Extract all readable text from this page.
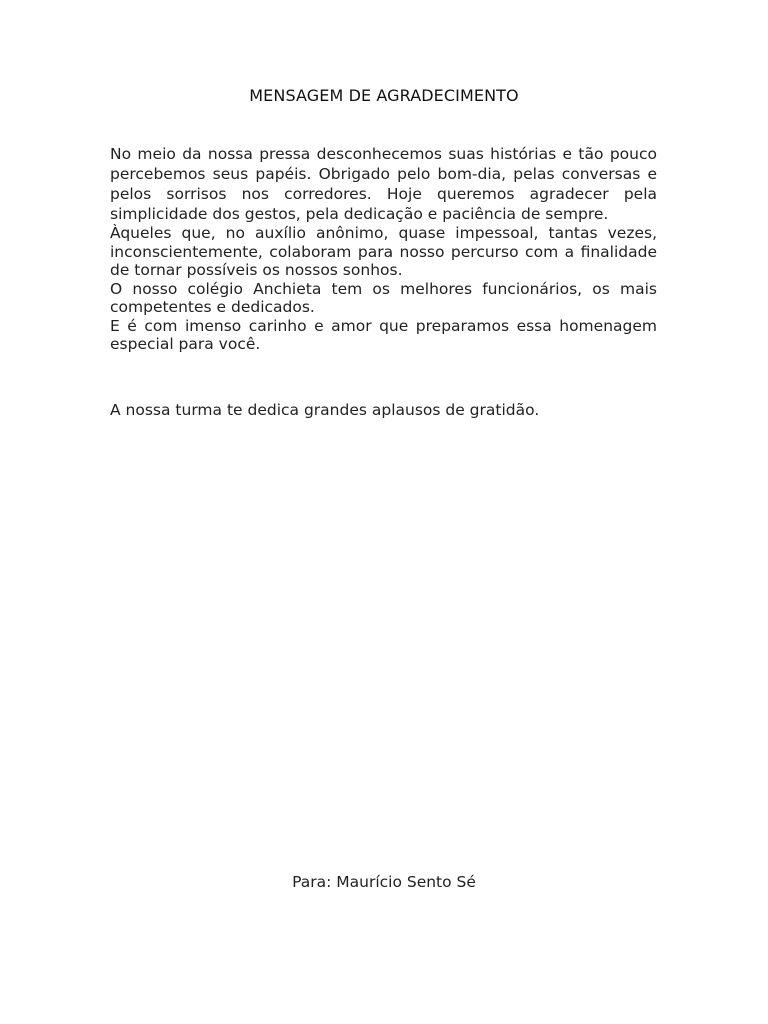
MENSAGEM DE AGRADECIMENTO

No meio da nossa pressa desconhecemos suas histórias e tão pouco percebemos seus papéis. Obrigado pelo bom-dia, pelas conversas e pelos sorrisos nos corredores. Hoje queremos agradecer pela simplicidade dos gestos, pela dedicação e paciência de sempre.

Àqueles que, no auxílio anônimo, quase impessoal, tantas vezes, inconscientemente, colaboram para nosso percurso com a finalidade de tornar possíveis os nossos sonhos.

O nosso colégio Anchieta tem os melhores funcionários, os mais competentes e dedicados.

E é com imenso carinho e amor que preparamos essa homenagem especial para você.

A nossa turma te dedica grandes aplausos de gratidão.
Para: Maurício Sento Sé
